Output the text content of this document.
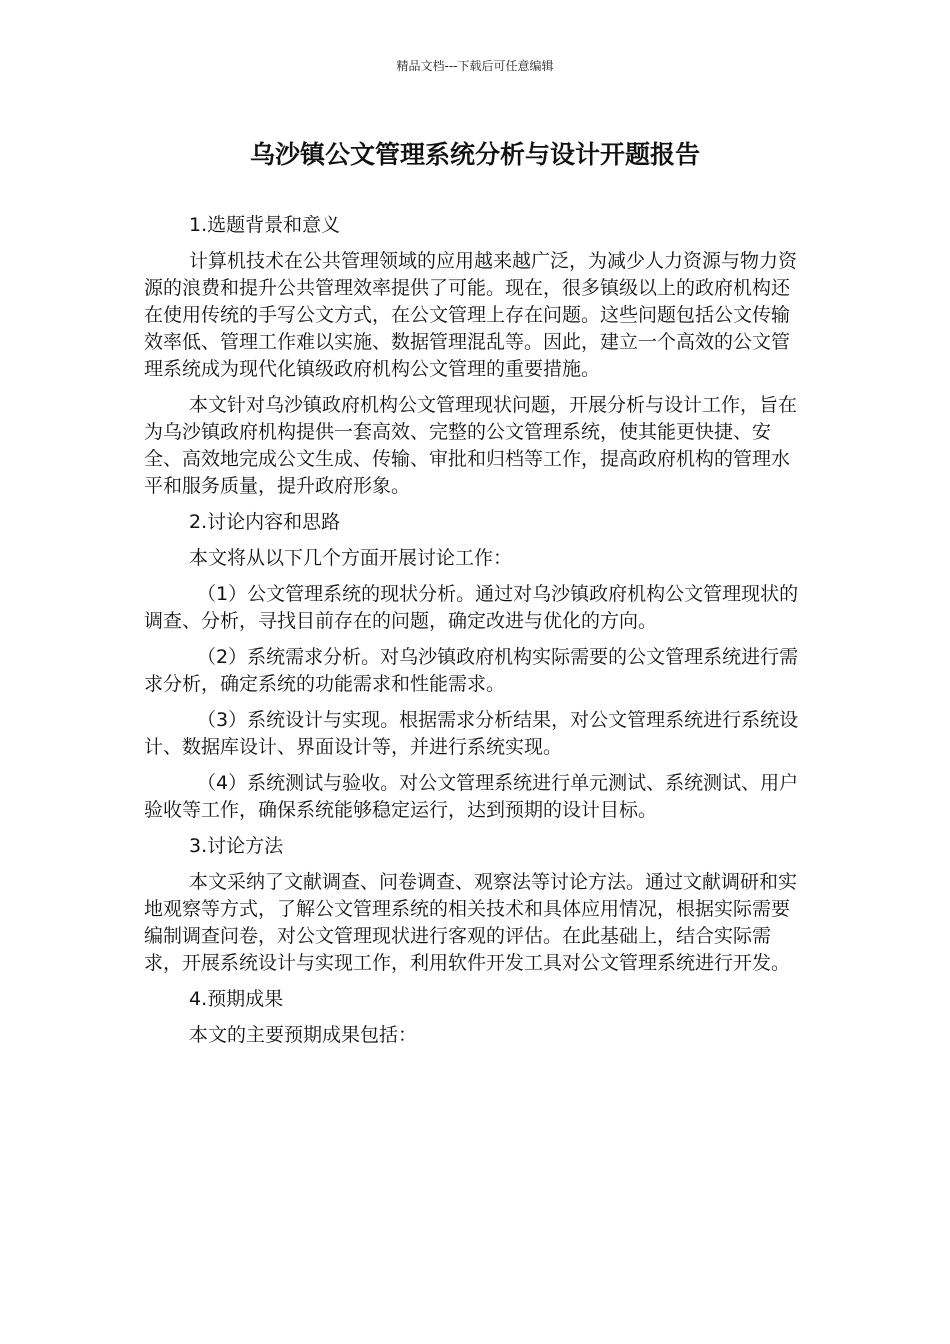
精品文档---下载后可任意编辑
乌沙镇公文管理系统分析与设计开题报告

1.选题背景和意义

计算机技术在公共管理领域的应用越来越广泛，为减少人力资源与物力资源的浪费和提升公共管理效率提供了可能。现在，很多镇级以上的政府机构还在使用传统的手写公文方式，在公文管理上存在问题。这些问题包括公文传输效率低、管理工作难以实施、数据管理混乱等。因此，建立一个高效的公文管理系统成为现代化镇级政府机构公文管理的重要措施。

本文针对乌沙镇政府机构公文管理现状问题，开展分析与设计工作，旨在为乌沙镇政府机构提供一套高效、完整的公文管理系统，使其能更快捷、安全、高效地完成公文生成、传输、审批和归档等工作，提高政府机构的管理水平和服务质量，提升政府形象。

2.讨论内容和思路

本文将从以下几个方面开展讨论工作：

（1）公文管理系统的现状分析。通过对乌沙镇政府机构公文管理现状的调查、分析，寻找目前存在的问题，确定改进与优化的方向。

（2）系统需求分析。对乌沙镇政府机构实际需要的公文管理系统进行需求分析，确定系统的功能需求和性能需求。

（3）系统设计与实现。根据需求分析结果，对公文管理系统进行系统设计、数据库设计、界面设计等，并进行系统实现。

（4）系统测试与验收。对公文管理系统进行单元测试、系统测试、用户验收等工作，确保系统能够稳定运行，达到预期的设计目标。

3.讨论方法

本文采纳了文献调查、问卷调查、观察法等讨论方法。通过文献调研和实地观察等方式，了解公文管理系统的相关技术和具体应用情况，根据实际需要编制调查问卷，对公文管理现状进行客观的评估。在此基础上，结合实际需求，开展系统设计与实现工作，利用软件开发工具对公文管理系统进行开发。

4.预期成果

本文的主要预期成果包括：
